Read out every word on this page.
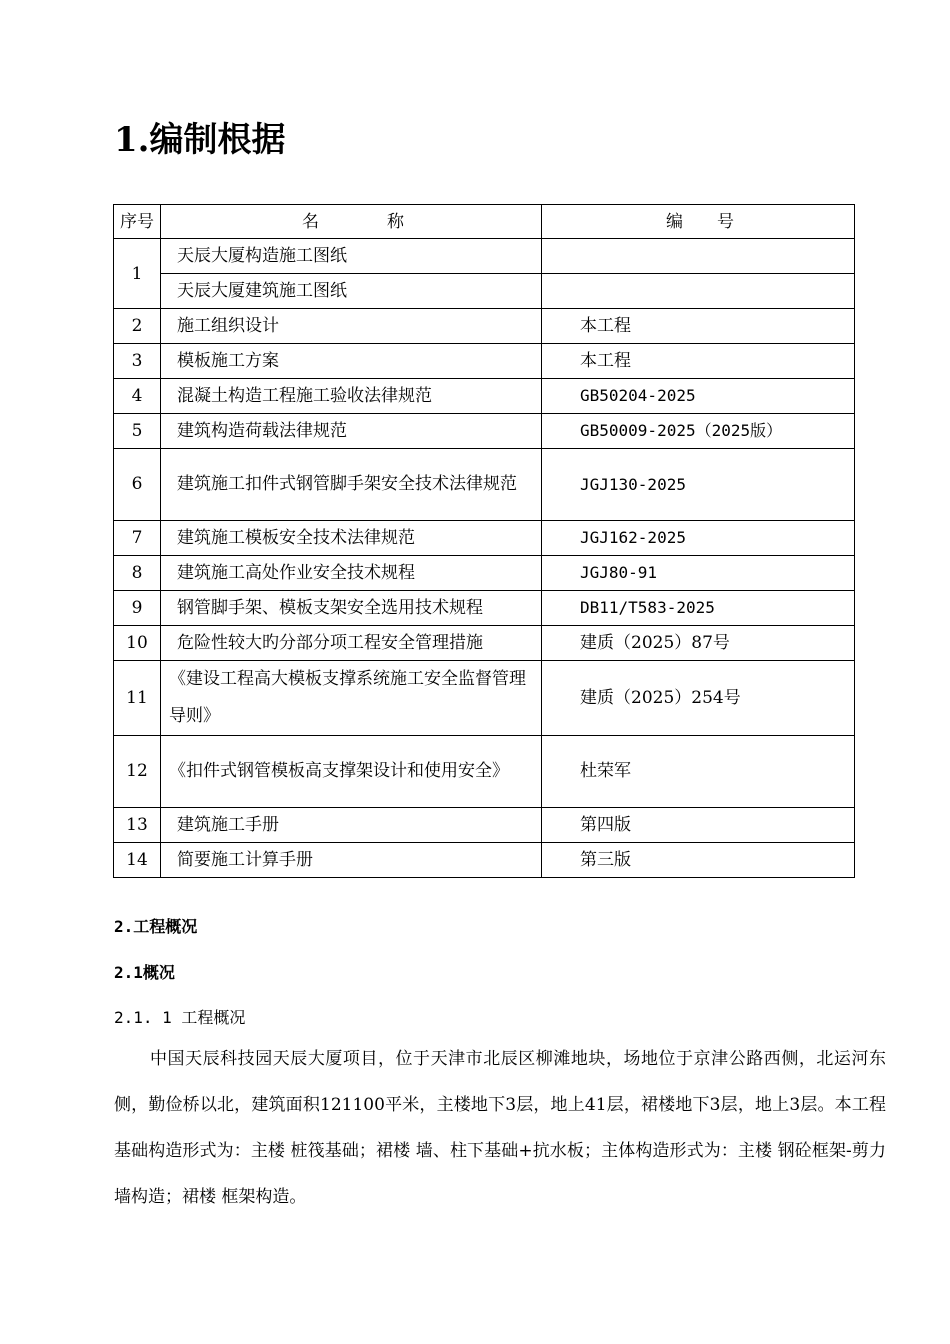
1.编制根据
序号	名　　　　称	编　　号
1	天辰大厦构造施工图纸	
	天辰大厦建筑施工图纸	
2	施工组织设计	本工程
3	模板施工方案	本工程
4	混凝土构造工程施工验收法律规范	GB50204-2025
5	建筑构造荷载法律规范	GB50009-2025（2025版）
6	建筑施工扣件式钢管脚手架安全技术法律规范	JGJ130-2025
7	建筑施工模板安全技术法律规范	JGJ162-2025
8	建筑施工高处作业安全技术规程	JGJ80-91
9	钢管脚手架、模板支架安全选用技术规程	DB11/T583-2025
10	危险性较大旳分部分项工程安全管理措施	建质（2025）87号
11	《建设工程高大模板支撑系统施工安全监督管理导则》	建质（2025）254号
12	《扣件式钢管模板高支撑架设计和使用安全》	杜荣军
13	建筑施工手册	第四版
14	简要施工计算手册	第三版
2.工程概况
2.1概况
2.1. 1 工程概况
中国天辰科技园天辰大厦项目，位于天津市北辰区柳滩地块，场地位于京津公路西侧，北运河东侧，勤俭桥以北，建筑面积121100平米，主楼地下3层，地上41层，裙楼地下3层，地上3层。本工程基础构造形式为：主楼 桩筏基础；裙楼 墙、柱下基础+抗水板；主体构造形式为：主楼 钢砼框架-剪力墙构造；裙楼 框架构造。
